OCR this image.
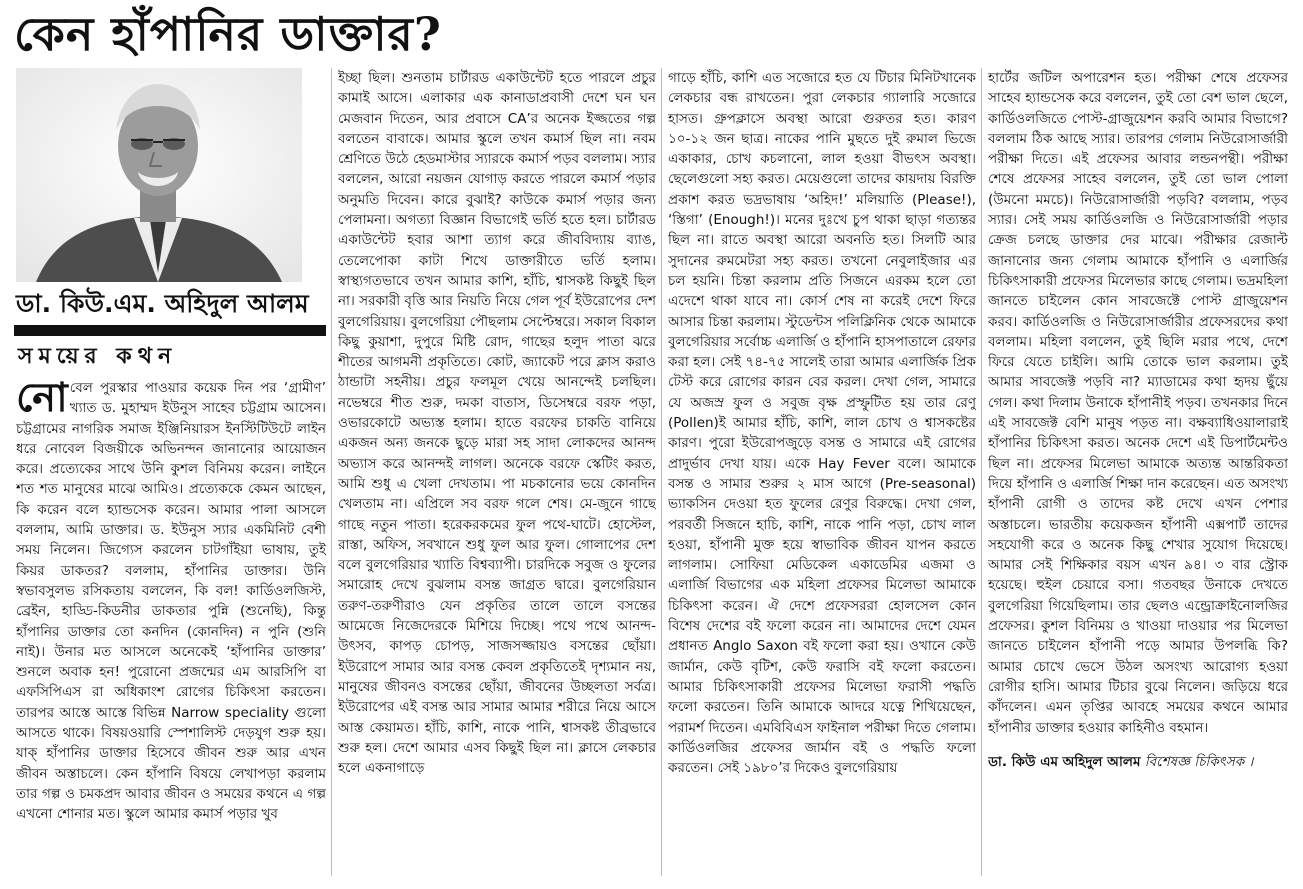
কেন হাঁপানির ডাক্তার?
ডা. কিউ.এম. অহিদুল আলম
সময়ের কথন

নোবেল পুরস্কার পাওয়ার কয়েক দিন পর ‘গ্রামীণ’ খ্যাত ড. মুহাম্মদ ইউনুস সাহেব চট্টগ্রাম আসেন। চট্টগ্রামের নাগরিক সমাজ ইঞ্জিনিয়ারস ইনস্টিটিউটে লাইন ধরে নোবেল বিজয়ীকে অভিনন্দন জানানোর আয়োজন করে। প্রত্যেকের সাথে উনি কুশল বিনিময় করেন। লাইনে শত শত মানুষের মাঝে আমিও। প্রত্যেককে কেমন আছেন, কি করেন বলে হ্যান্ডসেক করেন। আমার পালা আসলে বললাম, আমি ডাক্তার। ড. ইউনুস স্যার একমিনিট বেশী সময় নিলেন। জিগ্যেস করলেন চাটগাঁইয়া ভাষায়, তুই কিয়র ডাকতর? বললাম, হাঁপানির ডাক্তার। উনি স্বভাবসুলভ রসিকতায় বললেন, কি বল! কার্ডিওলজিস্ট, ব্রেইন, হাড্ডি-কিডনীর ডাকতার পুন্নি (শুনেছি), কিন্তু হাঁপানির ডাক্তার তো কনদিন (কোনদিন) ন পুনি (শুনি নাই)। উনার মত আসলে অনেকেই ‘হাঁপানির ডাক্তার’ শুনলে অবাক হন! পুরোনো প্রজন্মের এম আরসিপি বা এফসিপিএস রা অধিকাংশ রোগের চিকিৎসা করতেন। তারপর আস্তে আস্তে বিভিন্ন Narrow speciality গুলো আসতে থাকে। বিষয়ওয়ারি স্পেশালিস্ট দেড়যুগ শুরু হয়। যাক্ হাঁপানির ডাক্তার হিসেবে জীবন শুরু আর এখন জীবন অস্তাচলে। কেন হাঁপানি বিষয়ে লেখাপড়া করলাম তার গল্প ও চমকপ্রদ আবার জীবন ও সময়ের কথনে এ গল্প এখনো শোনার মত। স্কুলে আমার কমার্স পড়ার খুব

ইচ্ছা ছিল। শুনতাম চার্টারড একাউন্টেট হতে পারলে প্রচুর কামাই আসে। এলাকার এক কানাডাপ্রবাসী দেশে ঘন ঘন মেজবান দিতেন, আর প্রবাসে CA’র অনেক ইজ্জতের গল্প বলতেন বাবাকে। আমার স্কুলে তখন কমার্স ছিল না। নবম শ্রেণিতে উঠে হেডমাস্টার স্যারকে কমার্স পড়ব বললাম। স্যার বললেন, আরো নয়জন যোগাড় করতে পারলে কমার্স পড়ার অনুমতি দিবেন। কারে বুঝাই? কাউকে কমার্স পড়ার জন্য পেলামনা। অগত্যা বিজ্ঞান বিভাগেই ভর্তি হতে হল। চার্টারড একাউন্টেট হবার আশা ত্যাগ করে জীববিদ্যায় ব্যাঙ, তেলেপোকা কাটা শিখে ডাক্তারীতে ভর্তি হলাম। স্বাস্থ্যগতভাবে তখন আমার কাশি, হাঁচি, শ্বাসকষ্ট কিছুই ছিল না। সরকারী বৃত্তি আর নিয়তি নিয়ে গেল পূর্ব ইউরোপের দেশ বুলগেরিয়ায়। বুলগেরিয়া পৌছলাম সেপ্টেম্বরে। সকাল বিকাল কিছু কুয়াশা, দুপুরে মিষ্টি রোদ, গাছের হলুদ পাতা ঝরে শীতের আগমনী প্রকৃতিতে। কোট, জ্যাকেট পরে ক্লাস করাও ঠান্ডাটা সহনীয়। প্রচুর ফলমূল খেয়ে আনন্দেই চলছিল। নভেম্বরে শীত শুরু, দমকা বাতাস, ডিসেম্বরে বরফ পড়া, ওভারকোটে অভ্যস্ত হলাম। হাতে বরফের চাকতি বানিয়ে একজন অন্য জনকে ছুড়ে মারা সহ সাদা লোকদের আনন্দ অভ্যাস করে আনন্দই লাগল। অনেকে বরফে স্কেটিং করত, আমি শুধু এ খেলা দেখতাম। পা মচকানোর ভয়ে কোনদিন খেলতাম না। এপ্রিলে সব বরফ গলে শেষ। মে-জুনে গাছে গাছে নতুন পাতা। হরেকরকমের ফুল পথে-ঘাটে। হোস্টেল, রাস্তা, অফিস, সবখানে শুধু ফুল আর ফুল। গোলাপের দেশ বলে বুলগেরিয়ার খ্যাতি বিশ্বব্যাপী। চারদিকে সবুজ ও ফুলের সমারোহ দেখে বুঝলাম বসন্ত জাগ্রত দ্বারে। বুলগেরিয়ান তরুণ-তরুণীরাও যেন প্রকৃতির তালে তালে বসন্তের আমেজে নিজেদেরকে মিশিয়ে দিচ্ছে। পথে পথে আনন্দ-উৎসব, কাপড় চোপড়, সাজসজ্জায়ও বসন্তের ছোঁয়া। ইউরোপে সামার আর বসন্ত কেবল প্রকৃতিতেই দৃশ্যমান নয়, মানুষের জীবনও বসন্তের ছোঁয়া, জীবনের উচ্ছলতা সর্বত্র। ইউরোপের এই বসন্ত আর সামার আমার শরীরে নিয়ে আসে আস্ত কেয়ামত। হাঁচি, কাশি, নাকে পানি, শ্বাসকষ্ট তীব্রভাবে শুরু হল। দেশে আমার এসব কিছুই ছিল না। ক্লাসে লেকচার হলে একনাগাড়ে

গাড়ে হাঁচি, কাশি এত সজোরে হত যে টিচার মিনিটখানেক লেকচার বন্ধ রাখতেন। পুরা লেকচার গ্যালারি সজোরে হাসত। গ্রুপক্লাসে অবস্থা আরো গুরুতর হত। কারণ ১০-১২ জন ছাত্র। নাকের পানি মুছতে দুই রুমাল ভিজে একাকার, চোখ কচলানো, লাল হওয়া বীভৎস অবস্থা। ছেলেগুলো সহ্য করত। মেয়েগুলো তাদের কায়দায় বিরক্তি প্রকাশ করত ভদ্রভাষায় ‘অহিদ!’ মলিয়াতি (Please!), ‘স্তিগা’ (Enough!)। মনের দুঃখে চুপ থাকা ছাড়া গত্যন্তর ছিল না। রাতে অবস্থা আরো অবনতি হত। সিলটি আর সুদানের রুমমেটরা সহ্য করত। তখনো নেবুলাইজার এর চল হয়নি। চিন্তা করলাম প্রতি সিজনে এরকম হলে তো এদেশে থাকা যাবে না। কোর্স শেষ না করেই দেশে ফিরে আসার চিন্তা করলাম। স্টুডেন্টস পলিক্লিনিক থেকে আমাকে বুলগেরিয়ার সর্বোচ্চ এলার্জি ও হাঁপানি হাসপাতালে রেফার করা হল। সেই ৭৪-৭৫ সালেই তারা আমার এলার্জিক প্রিক টেস্ট করে রোগের কারন বের করল। দেখা গেল, সামারে যে অজস্র ফুল ও সবুজ বৃক্ষ প্রস্ফুটিত হয় তার রেণু (Pollen)ই আমার হাঁচি, কাশি, লাল চোখ ও শ্বাসকষ্টের কারণ। পুরো ইউরোপজুড়ে বসন্ত ও সামারে এই রোগের প্রাদুর্ভাব দেখা যায়। একে Hay Fever বলে। আমাকে বসন্ত ও সামার শুরুর ২ মাস আগে (Pre-seasonal) ভ্যাকসিন দেওয়া হত ফুলের রেণুর বিরুদ্ধে। দেখা গেল, পরবর্তী সিজনে হাচি, কাশি, নাকে পানি পড়া, চোখ লাল হওয়া, হাঁপানী মুক্ত হয়ে স্বাভাবিক জীবন যাপন করতে লাগলাম। সোফিয়া মেডিকেল একাডেমির এজমা ও এলার্জি বিভাগের এক মহিলা প্রফেসর মিলেভা আমাকে চিকিৎসা করেন। ঐ দেশে প্রফেসররা হোলসেল কোন বিশেষ দেশের বই ফলো করেন না। আমাদের দেশে যেমন প্রধানত Anglo Saxon বই ফলো করা হয়। ওখানে কেউ জার্মান, কেউ বৃটিশ, কেউ ফরাসি বই ফলো করতেন। আমার চিকিৎসাকারী প্রফেসর মিলেভা ফরাসী পদ্ধতি ফলো করতেন। তিনি আমাকে আদরে যত্নে শিখিয়েছেন, পরামর্শ দিতেন। এমবিবিএস ফাইনাল পরীক্ষা দিতে গেলাম। কার্ডিওলজির প্রফেসর জার্মান বই ও পদ্ধতি ফলো করতেন। সেই ১৯৮০’র দিকেও বুলগেরিয়ায়

হার্টের জটিল অপারেশন হত। পরীক্ষা শেষে প্রফেসর সাহেব হ্যান্ডসেক করে বললেন, তুই তো বেশ ভাল ছেলে, কার্ডিওলজিতে পোস্ট-গ্রাজুয়েশন করবি আমার বিভাগে? বললাম ঠিক আছে স্যার। তারপর গেলাম নিউরোসার্জারী পরীক্ষা দিতে। এই প্রফেসর আবার লন্ডনপন্থী। পরীক্ষা শেষে প্রফেসর সাহেব বললেন, তুই তো ভাল পোলা (উমনো মমচে)। নিউরোসার্জারী পড়বি? বললাম, পড়ব স্যার। সেই সময় কার্ডিওলজি ও নিউরোসার্জারী পড়ার ক্রেজ চলছে ডাক্তার দের মাঝে। পরীক্ষার রেজাল্ট জানানোর জন্য গেলাম আমাকে হাঁপানি ও এলার্জির চিকিৎসাকারী প্রফেসর মিলেভার কাছে গেলাম। ভদ্রমহিলা জানতে চাইলেন কোন সাবজেক্টে পোস্ট গ্রাজুয়েশন করব। কার্ডিওলজি ও নিউরোসার্জারীর প্রফেসরদের কথা বললাম। মহিলা বললেন, তুই ছিলি মরার পথে, দেশে ফিরে যেতে চাইলি। আমি তোকে ভাল করলাম। তুই আমার সাবজেক্ট পড়বি না? ম্যাডামের কথা হৃদয় ছুঁয়ে গেল। কথা দিলাম উনাকে হাঁপানীই পড়ব। তখনকার দিনে এই সাবজেক্ট বেশি মানুষ পড়ত না। বক্ষব্যাধিওয়ালারাই হাঁপানির চিকিৎসা করত। অনেক দেশে এই ডিপার্টমেন্টও ছিল না। প্রফেসর মিলেভা আমাকে অত্যন্ত আন্তরিকতা দিয়ে হাঁপানি ও এলার্জি শিক্ষা দান করেছেন। এত অসংখ্য হাঁপানী রোগী ও তাদের কষ্ট দেখে এখন পেশার অস্তাচলে। ভারতীয় কয়েকজন হাঁপানী এক্সপার্ট তাদের সহযোগী করে ও অনেক কিছু শেখার সুযোগ দিয়েছে। আমার সেই শিক্ষিকার বয়স এখন ৯৪। ৩ বার স্ট্রোক হয়েছে। হুইল চেয়ারে বসা। গতবছর উনাকে দেখতে বুলগেরিয়া গিয়েছিলাম। তার ছেলও এন্ড্রোক্রাইনোলজির প্রফেসর। কুশল বিনিময় ও খাওয়া দাওয়ার পর মিলেভা জানতে চাইলেন হাঁপানী পড়ে আমার উপলব্ধি কি? আমার চোখে ভেসে উঠল অসংখ্য আরোগ্য হওয়া রোগীর হাসি। আমার টিচার বুঝে নিলেন। জড়িয়ে ধরে কাঁদলেন। এমন তৃপ্তির আবহে সময়ের কথনে আমার হাঁপানীর ডাক্তার হওয়ার কাহিনীও বহমান।

ডা. কিউ এম অহিদুল আলম বিশেষজ্ঞ চিকিৎসক ।
